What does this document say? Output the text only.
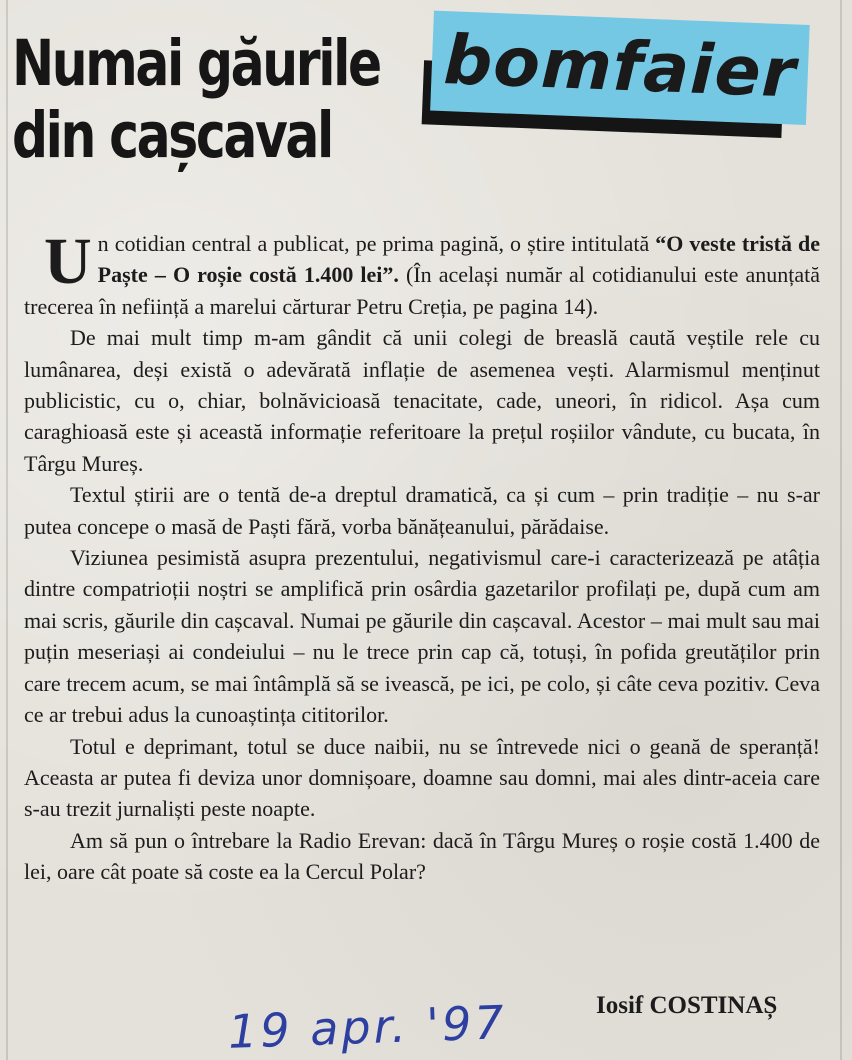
Numai găurile
din cașcaval
bomfaier

Un cotidian central a publicat, pe prima pagină, o știre intitulată “O veste tristă de Paște – O roșie costă 1.400 lei”. (În același număr al cotidianului este anunțată trecerea în neființă a marelui cărturar Petru Creția, pe pagina 14).

De mai mult timp m-am gândit că unii colegi de breaslă caută veștile rele cu lumânarea, deși există o adevărată inflație de asemenea vești. Alarmismul menținut publicistic, cu o, chiar, bolnăvicioasă tenacitate, cade, uneori, în ridicol. Așa cum caraghioasă este și această informație referitoare la prețul roșiilor vândute, cu bucata, în Târgu Mureș.

Textul știrii are o tentă de-a dreptul dramatică, ca și cum – prin tradiție – nu s-ar putea concepe o masă de Paști fără, vorba bănățeanului, părădaise.

Viziunea pesimistă asupra prezentului, negativismul care-i caracterizează pe atâția dintre compatrioții noștri se amplifică prin osârdia gazetarilor profilați pe, după cum am mai scris, găurile din cașcaval. Numai pe găurile din cașcaval. Acestor – mai mult sau mai puțin meseriași ai condeiului – nu le trece prin cap că, totuși, în pofida greutăților prin care trecem acum, se mai întâmplă să se ivească, pe ici, pe colo, și câte ceva pozitiv. Ceva ce ar trebui adus la cunoaștința cititorilor.

Totul e deprimant, totul se duce naibii, nu se întrevede nici o geană de speranță! Aceasta ar putea fi deviza unor domnișoare, doamne sau domni, mai ales dintr-aceia care s-au trezit jurnaliști peste noapte.

Am să pun o întrebare la Radio Erevan: dacă în Târgu Mureș o roșie costă 1.400 de lei, oare cât poate să coste ea la Cercul Polar?

19 apr. '97	Iosif COSTINAȘ
